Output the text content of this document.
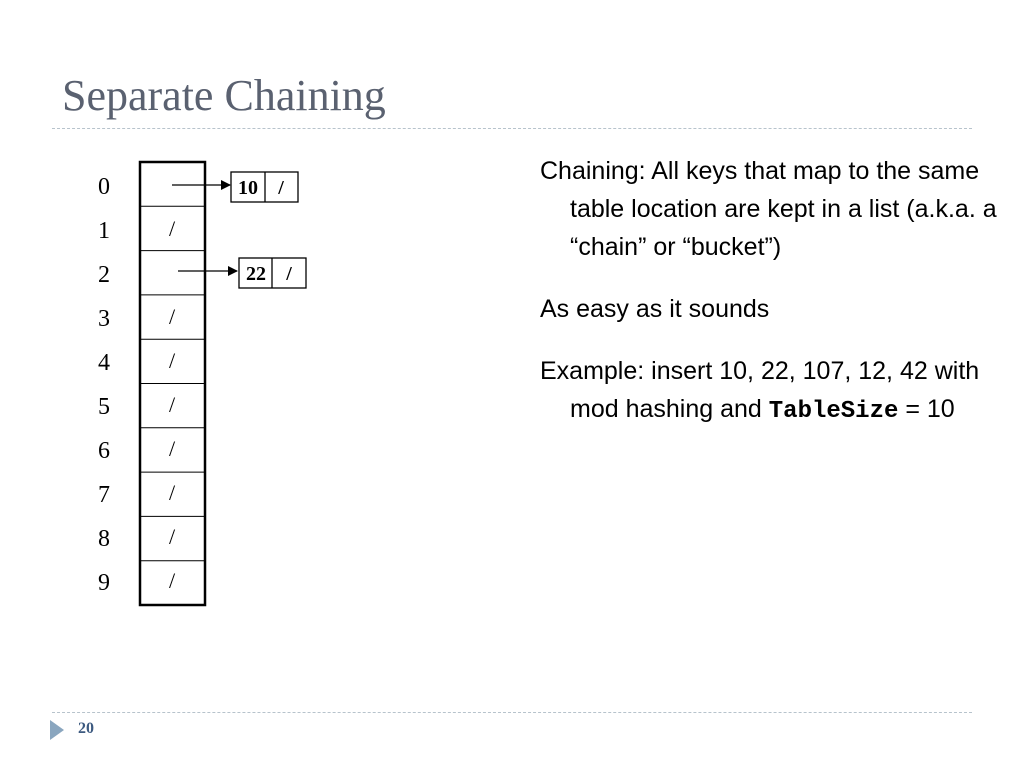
Separate Chaining
0
1
2
3
4
5
6
7
8
9
/
/
/
/
/
/
/
/
10 /
22 /

Chaining: All keys that map to the same table location are kept in a list (a.k.a. a “chain” or “bucket”)

As easy as it sounds

Example: insert 10, 22, 107, 12, 42 with mod hashing and TableSize = 10

20
